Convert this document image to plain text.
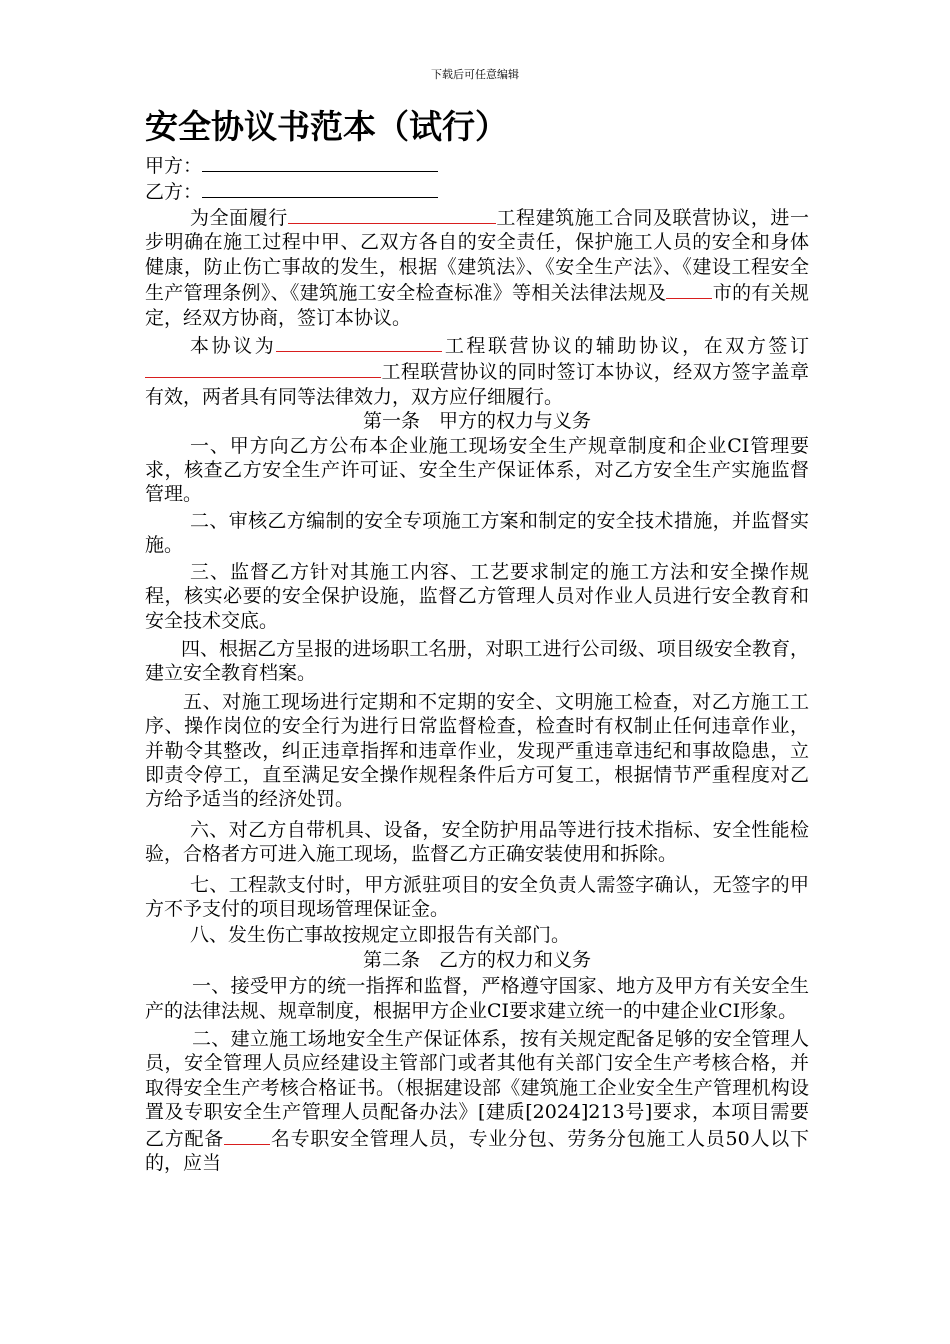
下载后可任意编辑
安全协议书范本（试行）
甲方：
乙方：

为全面履行	工程建筑施工合同及联营协议，进一步明确在施工过程中甲、乙双方各自的安全责任，保护施工人员的安全和身体健康，防止伤亡事故的发生，根据《建筑法》、《安全生产法》、《建设工程安全生产管理条例》、《建筑施工安全检查标准》等相关法律法规及 市的有关规定，经双方协商，签订本协议。

本协议为	工程联营协议的辅助协议，在双方签订工程联营协议的同时签订本协议，经双方签字盖章有效，两者具有同等法律效力，双方应仔细履行。

第一条　甲方的权力与义务

一、甲方向乙方公布本企业施工现场安全生产规章制度和企业CI管理要求，核查乙方安全生产许可证、安全生产保证体系，对乙方安全生产实施监督管理。

二、审核乙方编制的安全专项施工方案和制定的安全技术措施，并监督实施。

三、监督乙方针对其施工内容、工艺要求制定的施工方法和安全操作规程，核实必要的安全保护设施，监督乙方管理人员对作业人员进行安全教育和安全技术交底。

四、根据乙方呈报的进场职工名册，对职工进行公司级、项目级安全教育，建立安全教育档案。

五、对施工现场进行定期和不定期的安全、文明施工检查，对乙方施工工序、操作岗位的安全行为进行日常监督检查，检查时有权制止任何违章作业，并勒令其整改，纠正违章指挥和违章作业，发现严重违章违纪和事故隐患，立即责令停工，直至满足安全操作规程条件后方可复工，根据情节严重程度对乙方给予适当的经济处罚。

六、对乙方自带机具、设备，安全防护用品等进行技术指标、安全性能检验，合格者方可进入施工现场，监督乙方正确安装使用和拆除。

七、工程款支付时，甲方派驻项目的安全负责人需签字确认，无签字的甲方不予支付的项目现场管理保证金。

八、发生伤亡事故按规定立即报告有关部门。

第二条　乙方的权力和义务

一、接受甲方的统一指挥和监督，严格遵守国家、地方及甲方有关安全生产的法律法规、规章制度，根据甲方企业CI要求建立统一的中建企业CI形象。

二、建立施工场地安全生产保证体系，按有关规定配备足够的安全管理人员，安全管理人员应经建设主管部门或者其他有关部门安全生产考核合格，并取得安全生产考核合格证书。（根据建设部《建筑施工企业安全生产管理机构设置及专职安全生产管理人员配备办法》[建质[2024]213号]要求，本项目需要乙方配备 名专职安全管理人员，专业分包、劳务分包施工人员50人以下的，应当
